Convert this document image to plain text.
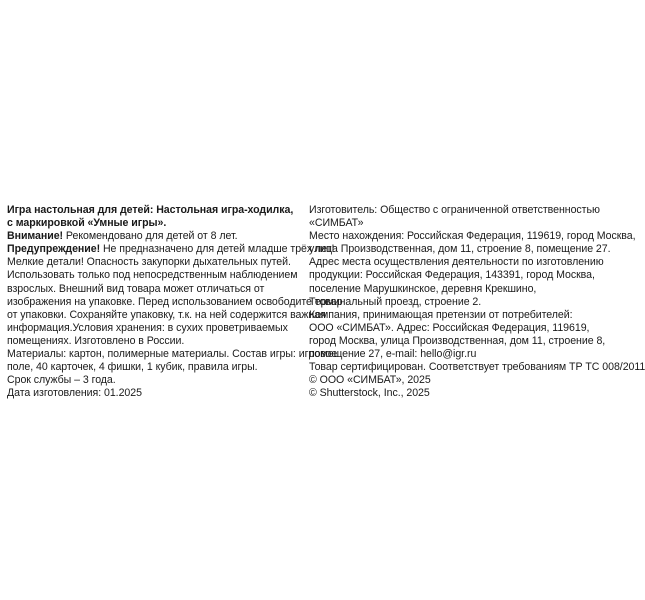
Игра настольная для детей: Настольная игра-ходилка,
с маркировкой «Умные игры».
Внимание! Рекомендовано для детей от 8 лет.
Предупреждение! Не предназначено для детей младше трёх лет!
Мелкие детали! Опасность закупорки дыхательных путей.
Использовать только под непосредственным наблюдением
взрослых. Внешний вид товара может отличаться от
изображения на упаковке. Перед использованием освободите товар
от упаковки. Сохраняйте упаковку, т.к. на ней содержится важная
информация.Условия хранения: в сухих проветриваемых
помещениях. Изготовлено в России.
Материалы: картон, полимерные материалы. Состав игры: игровое
поле, 40 карточек, 4 фишки, 1 кубик, правила игры.
Срок службы – 3 года.
Дата изготовления: 01.2025
Изготовитель: Общество с ограниченной ответственностью
«СИМБАТ»
Место нахождения: Российская Федерация, 119619, город Москва,
улица Производственная, дом 11, строение 8, помещение 27.
Адрес места осуществления деятельности по изготовлению
продукции: Российская Федерация, 143391, город Москва,
поселение Марушкинское, деревня Крекшино,
Терминальный проезд, строение 2.
Компания, принимающая претензии от потребителей:
ООО «СИМБАТ». Адрес: Российская Федерация, 119619,
город Москва, улица Производственная, дом 11, строение 8,
помещение 27, e-mail: hello@igr.ru
Товар сертифицирован. Соответствует требованиям ТР ТС 008/2011
© ООО «СИМБАТ», 2025
© Shutterstock, Inc., 2025
